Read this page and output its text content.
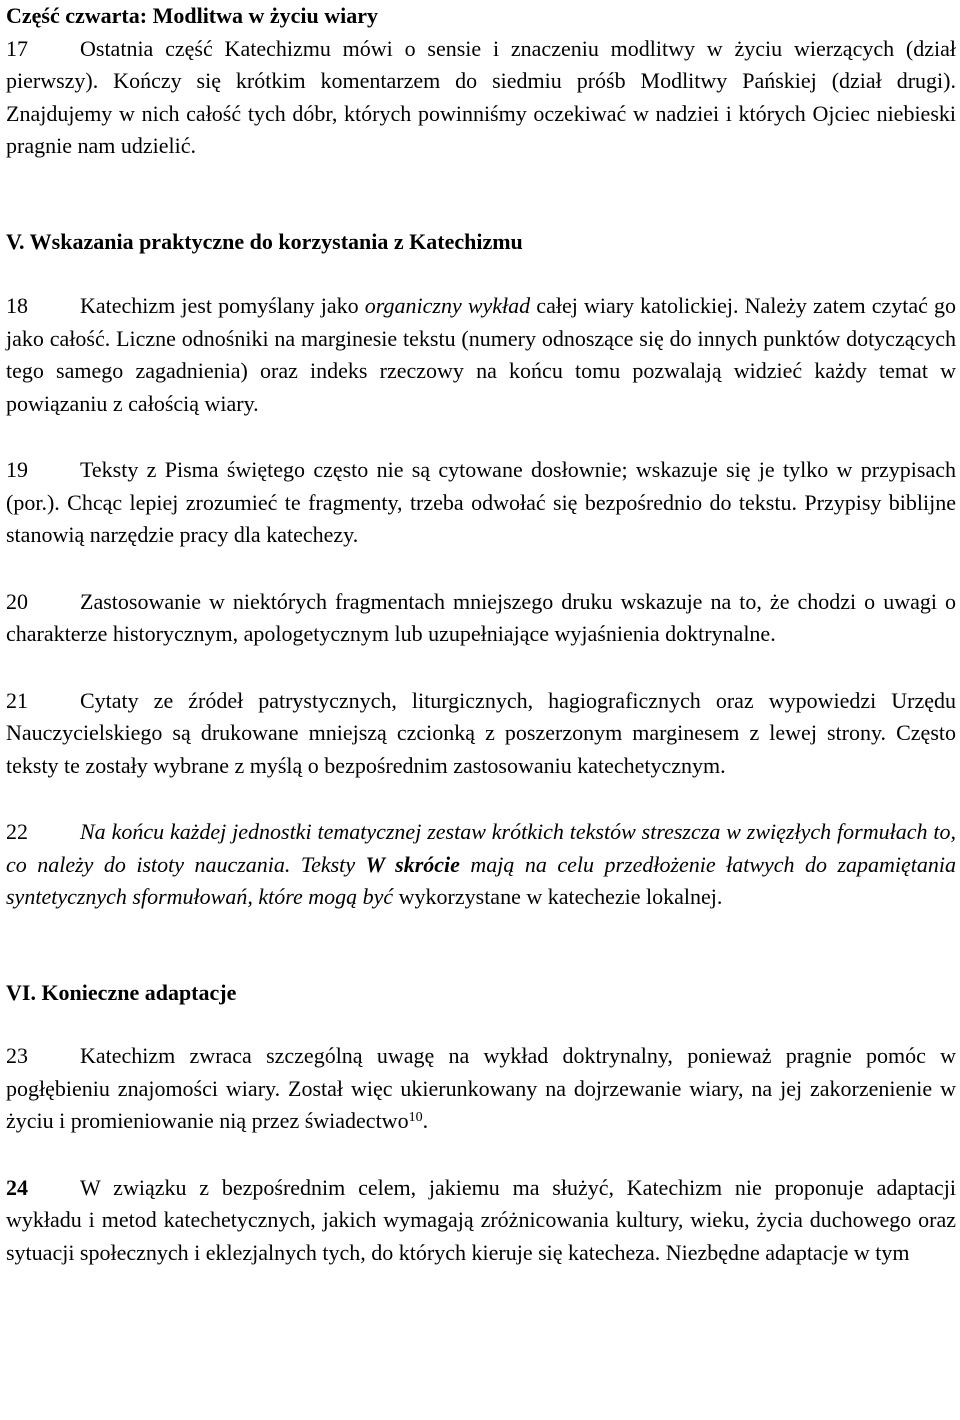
Część czwarta: Modlitwa w życiu wiary

17 Ostatnia część Katechizmu mówi o sensie i znaczeniu modlitwy w życiu wierzących (dział pierwszy). Kończy się krótkim komentarzem do siedmiu próśb Modlitwy Pańskiej (dział drugi). Znajdujemy w nich całość tych dóbr, których powinniśmy oczekiwać w nadziei i których Ojciec niebieski pragnie nam udzielić.

V. Wskazania praktyczne do korzystania z Katechizmu

18 Katechizm jest pomyślany jako organiczny wykład całej wiary katolickiej. Należy zatem czytać go jako całość. Liczne odnośniki na marginesie tekstu (numery odnoszące się do innych punktów dotyczących tego samego zagadnienia) oraz indeks rzeczowy na końcu tomu pozwalają widzieć każdy temat w powiązaniu z całością wiary.

19 Teksty z Pisma świętego często nie są cytowane dosłownie; wskazuje się je tylko w przypisach (por.). Chcąc lepiej zrozumieć te fragmenty, trzeba odwołać się bezpośrednio do tekstu. Przypisy biblijne stanowią narzędzie pracy dla katechezy.

20 Zastosowanie w niektórych fragmentach mniejszego druku wskazuje na to, że chodzi o uwagi o charakterze historycznym, apologetycznym lub uzupełniające wyjaśnienia doktrynalne.

21 Cytaty ze źródeł patrystycznych, liturgicznych, hagiograficznych oraz wypowiedzi Urzędu Nauczycielskiego są drukowane mniejszą czcionką z poszerzonym marginesem z lewej strony. Często teksty te zostały wybrane z myślą o bezpośrednim zastosowaniu katechetycznym.

22 Na końcu każdej jednostki tematycznej zestaw krótkich tekstów streszcza w zwięzłych formułach to, co należy do istoty nauczania. Teksty W skrócie mają na celu przedłożenie łatwych do zapamiętania syntetycznych sformułowań, które mogą być wykorzystane w katechezie lokalnej.

VI. Konieczne adaptacje

23 Katechizm zwraca szczególną uwagę na wykład doktrynalny, ponieważ pragnie pomóc w pogłębieniu znajomości wiary. Został więc ukierunkowany na dojrzewanie wiary, na jej zakorzenienie w życiu i promieniowanie nią przez świadectwo$^{10}$.

24 W związku z bezpośrednim celem, jakiemu ma służyć, Katechizm nie proponuje adaptacji wykładu i metod katechetycznych, jakich wymagają zróżnicowania kultury, wieku, życia duchowego oraz sytuacji społecznych i eklezjalnych tych, do których kieruje się katecheza. Niezbędne adaptacje w tym
